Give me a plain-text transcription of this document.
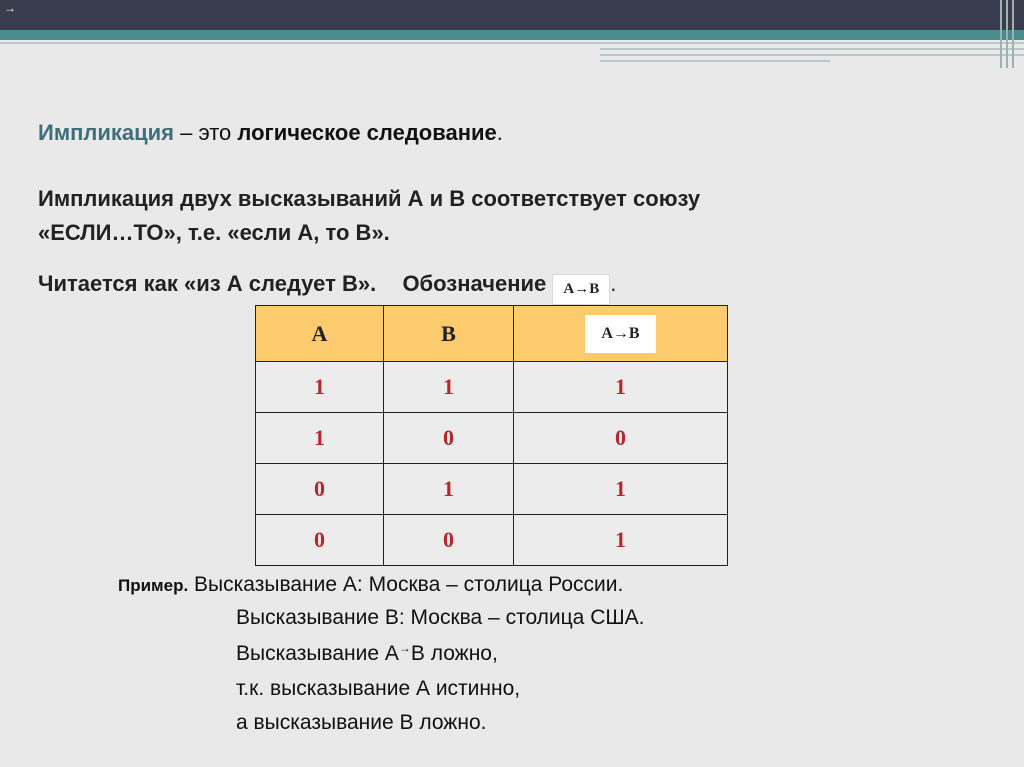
→

Импликация – это логическое следование.

Импликация двух высказываний А и В соответствует союзу

«ЕСЛИ…ТО», т.е. «если А, то В».

Читается как «из А следует В». Обозначение A→B .

A	B	A→B
1	1	1
1	0	0
0	1	1
0	0	1

Пример. Высказывание А: Москва – столица России.

Высказывание В: Москва – столица США.

Высказывание А→В ложно,

т.к. высказывание А истинно,

а высказывание В ложно.
